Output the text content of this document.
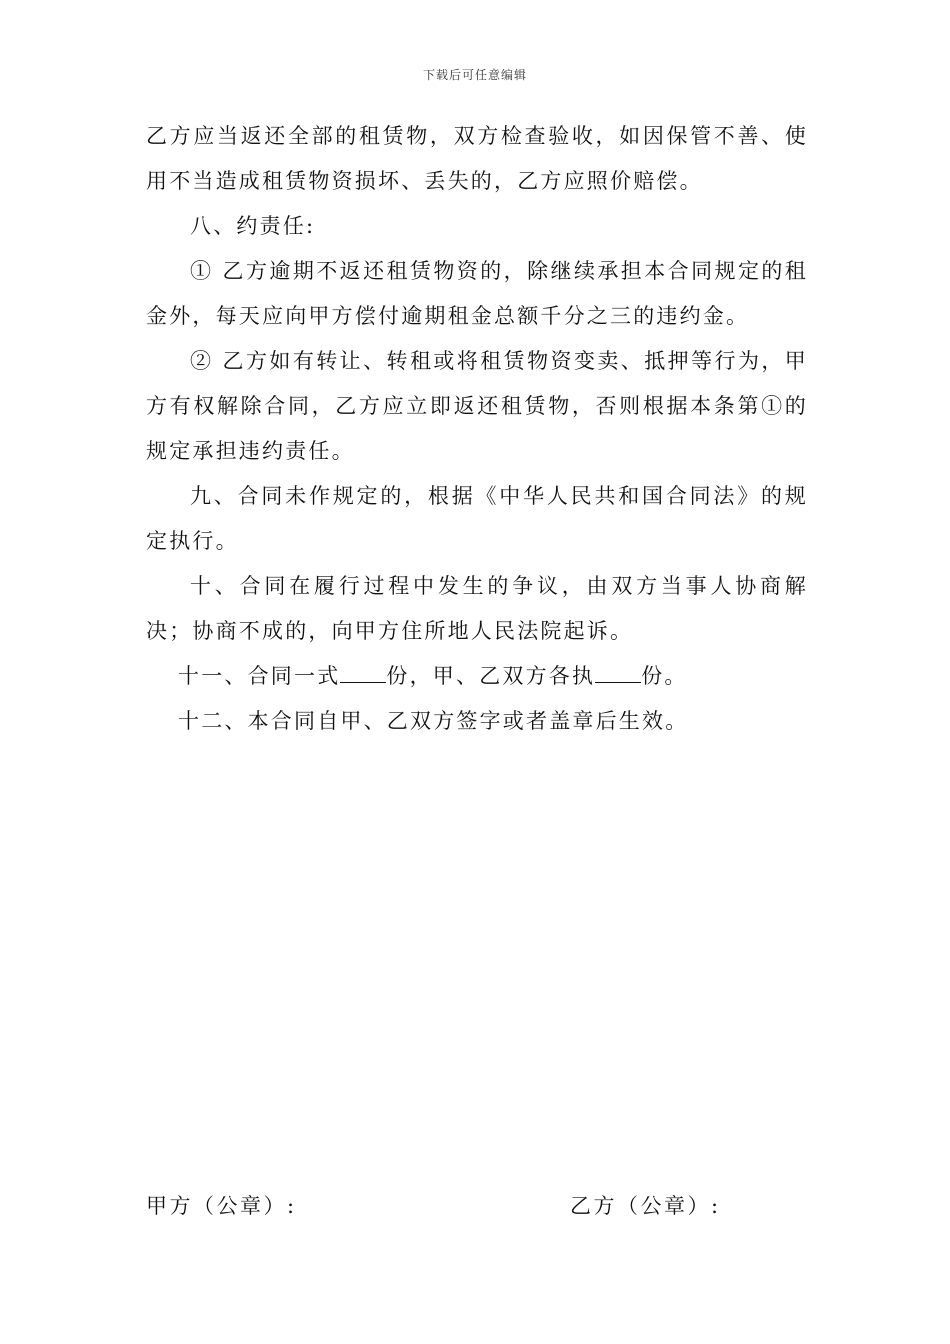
下载后可任意编辑

乙方应当返还全部的租赁物，双方检查验收，如因保管不善、使用不当造成租赁物资损坏、丢失的，乙方应照价赔偿。

八、约责任:

① 乙方逾期不返还租赁物资的，除继续承担本合同规定的租金外，每天应向甲方偿付逾期租金总额千分之三的违约金。

② 乙方如有转让、转租或将租赁物资变卖、抵押等行为，甲方有权解除合同，乙方应立即返还租赁物，否则根据本条第①的规定承担违约责任。

九、合同未作规定的，根据《中华人民共和国合同法》的规定执行。

十、合同在履行过程中发生的争议，由双方当事人协商解决；协商不成的，向甲方住所地人民法院起诉。

十一、合同一式 份，甲、乙双方各执 份。

十二、本合同自甲、乙双方签字或者盖章后生效。

甲方（公章）:	乙方（公章）:
